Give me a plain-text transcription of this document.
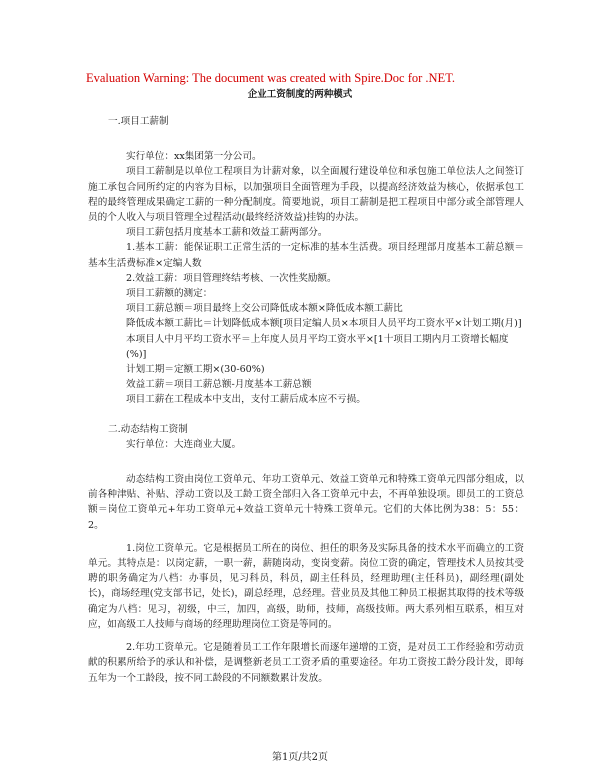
Evaluation Warning: The document was created with Spire.Doc for .NET.
企业工资制度的两种模式

一.项目工薪制

实行单位：xx集团第一分公司。

项目工薪制是以单位工程项目为计薪对象，以全面履行建设单位和承包施工单位法人之间签订施工承包合同所约定的内容为目标，以加强项目全面管理为手段，以提高经济效益为核心，依据承包工程的最终管理成果确定工薪的一种分配制度。简要地说，项目工薪制是把工程项目中部分或全部管理人员的个人收入与项目管理全过程活动(最终经济效益)挂钩的办法。

项目工薪包括月度基本工薪和效益工薪两部分。

1.基本工薪：能保证职工正常生活的一定标准的基本生活费。项目经理部月度基本工薪总额＝基本生活费标准×定编人数

2.效益工薪：项目管理终结考核、一次性奖励额。

项目工薪额的测定：

项目工薪总额＝项目最终上交公司降低成本额×降低成本额工薪比

降低成本额工薪比＝计划降低成本额[项目定编人员×本项目人员平均工资水平×计划工期(月)]

本项目人中月平均工资水平＝上年度人员月平均工资水平×[1十项目工期内月工资增长幅度(%)]

计划工期＝定额工期×(30-60%)

效益工薪＝项目工薪总额-月度基本工薪总额

项目工薪在工程成本中支出，支付工薪后成本应不亏损。

二.动态结构工资制

实行单位：大连商业大厦。

动态结构工资由岗位工资单元、年功工资单元、效益工资单元和特殊工资单元四部分组成，以前各种津贴、补贴、浮动工资以及工龄工资全部归入各工资单元中去，不再单独设项。即员工的工资总额＝岗位工资单元+年功工资单元+效益工资单元十特殊工资单元。它们的大体比例为38：5：55：2。

1.岗位工资单元。它是根据员工所在的岗位、担任的职务及实际具备的技术水平而确立的工资单元。其特点是：以岗定薪，一职一薪，薪随岗动，变岗变薪。岗位工资的确定，管理技术人员按其受聘的职务确定为八档：办事员，见习科员，科员，副主任科员，经理助理(主任科员)，副经理(副处长)，商场经理(党支部书记，处长)，副总经理，总经理。营业员及其他工种员工根据其取得的技术等级确定为八档：见习，初级，中三，加四，高级，助师，技师，高级技师。两大系列相互联系，相互对应，如高级工人技师与商场的经理助理岗位工资是等同的。

2.年功工资单元。它是随着员工工作年限增长而逐年递增的工资，是对员工工作经验和劳动贡献的积累所给予的承认和补偿，是调整新老员工工资矛盾的重要途径。年功工资按工龄分段计发，即每五年为一个工龄段，按不同工龄段的不同额数累计发放。

第1页/共2页
